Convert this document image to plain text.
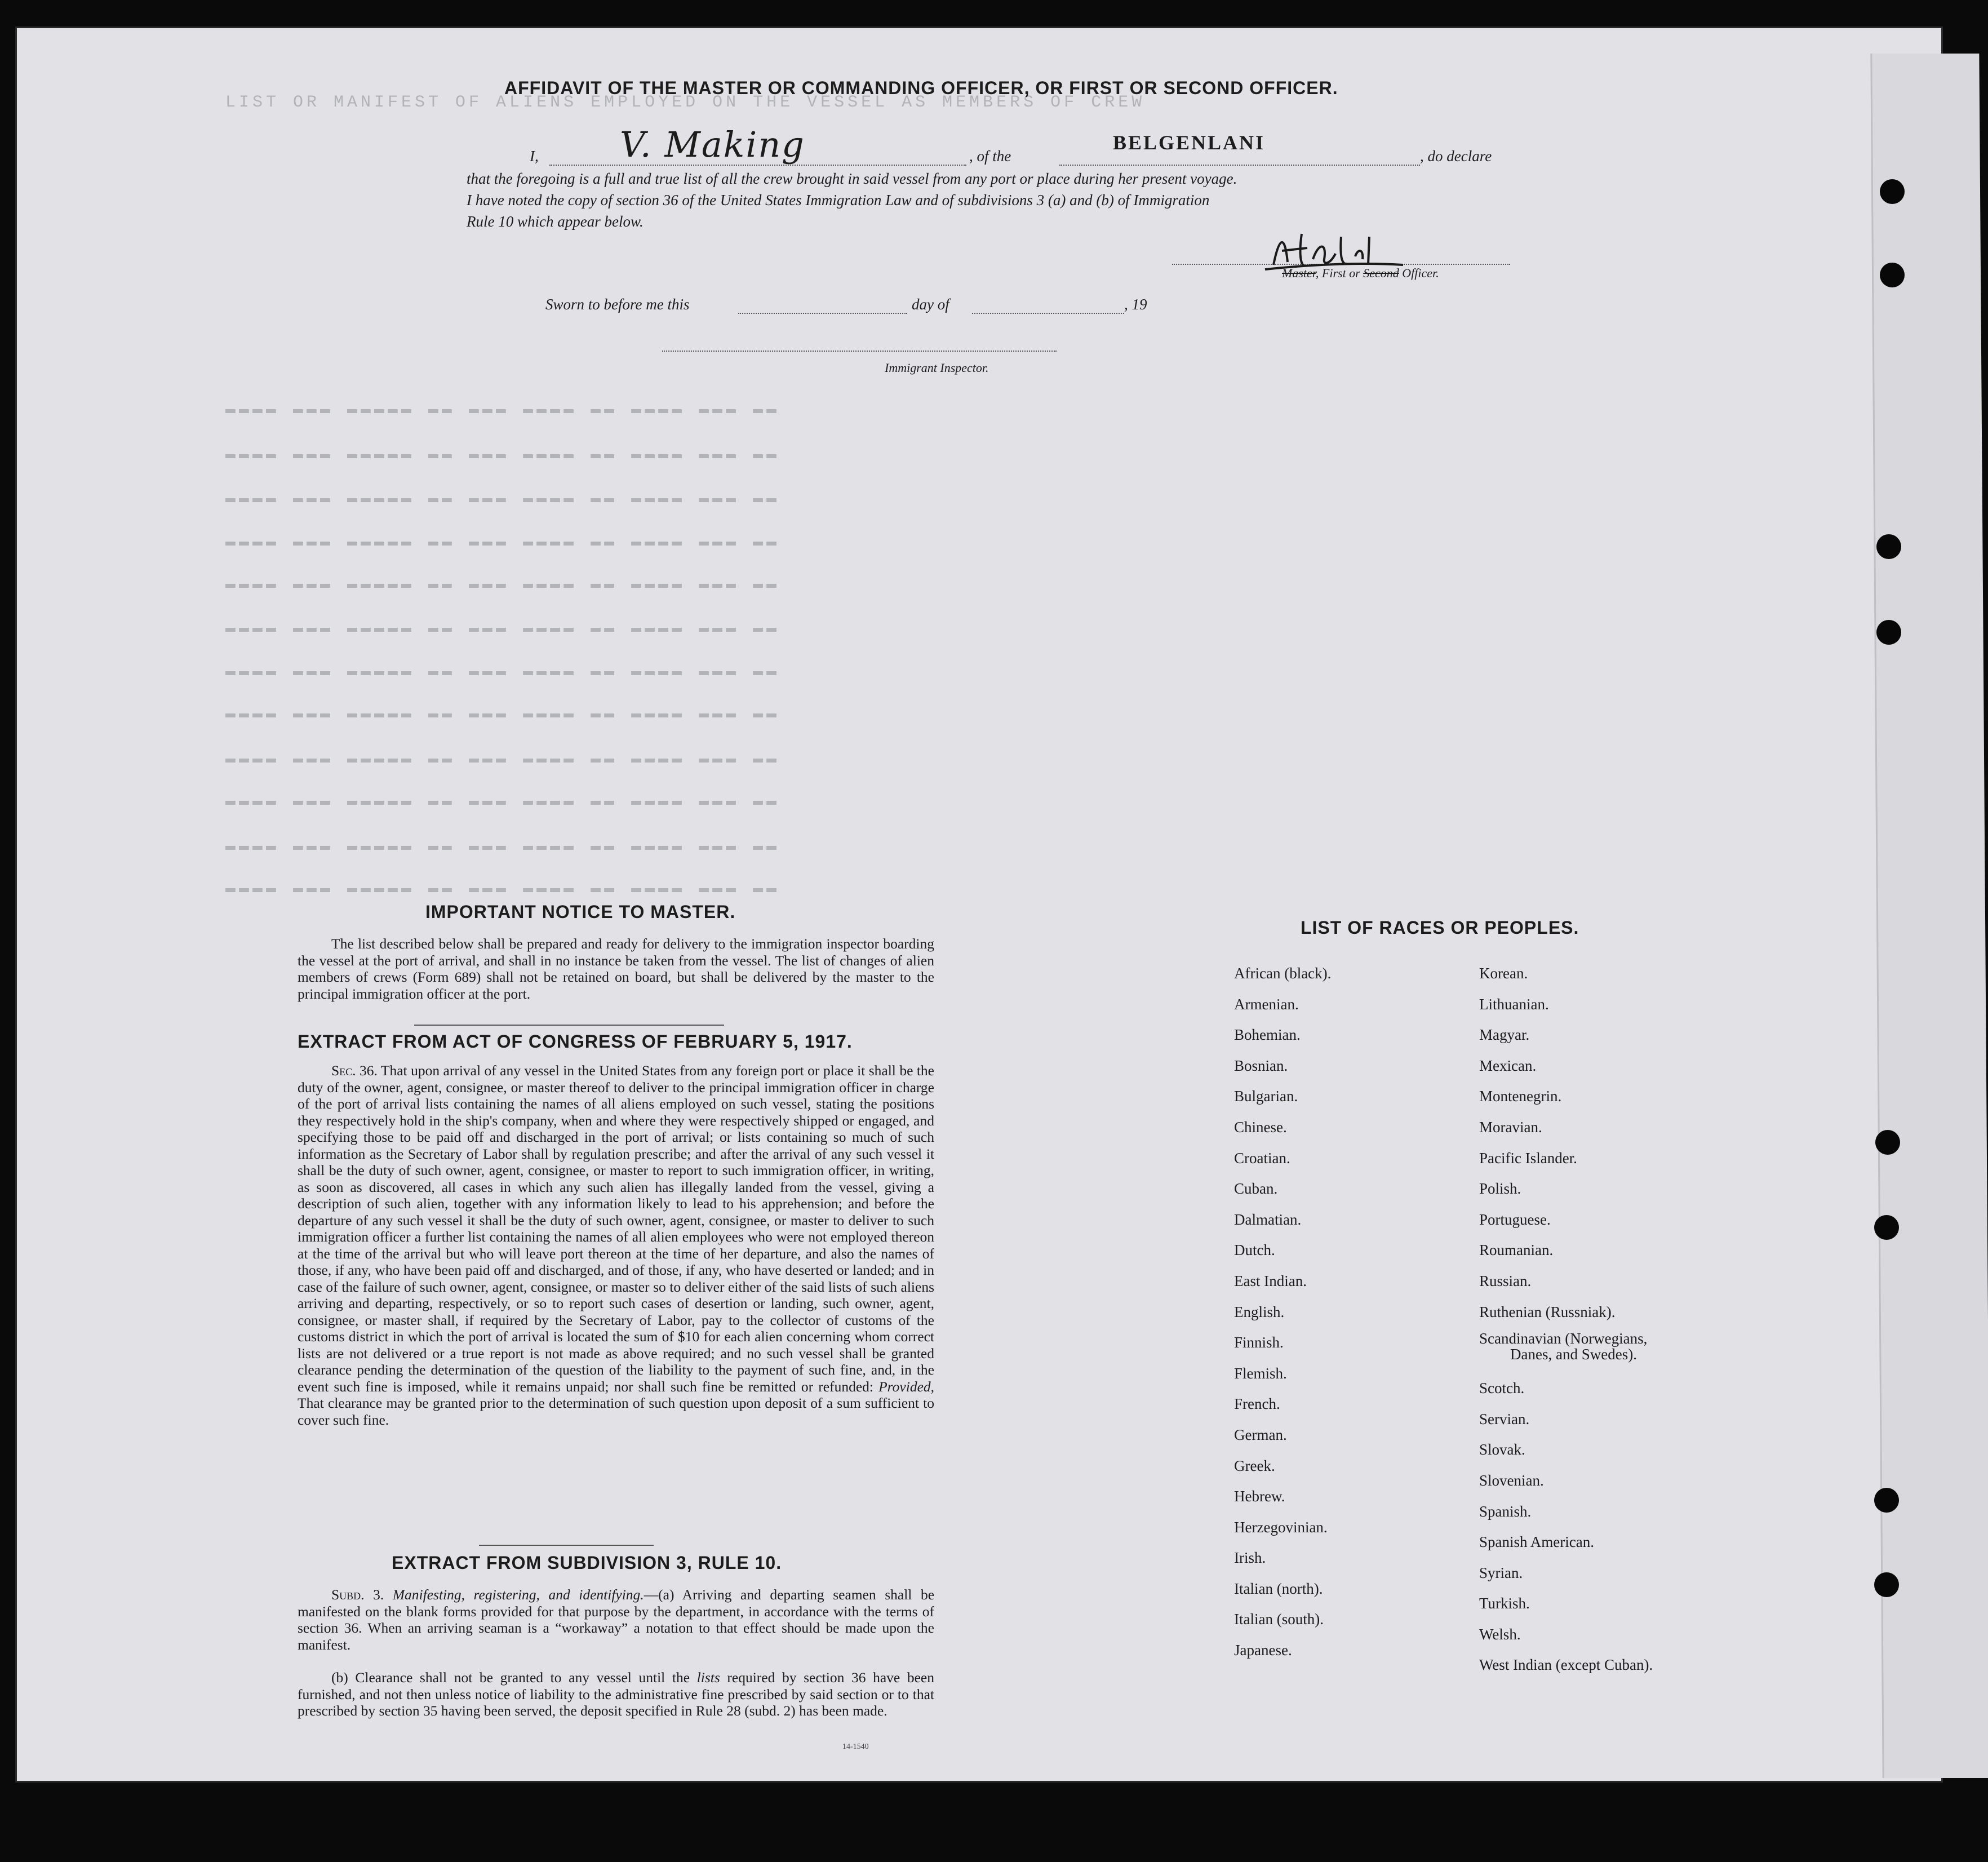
LIST OR MANIFEST OF ALIENS EMPLOYED ON THE VESSEL AS MEMBERS OF CREW
▬▬▬▬ ▬▬▬ ▬▬▬▬▬ ▬▬ ▬▬▬ ▬▬▬▬ ▬▬ ▬▬▬▬ ▬▬▬ ▬▬
▬▬▬▬ ▬▬▬ ▬▬▬▬▬ ▬▬ ▬▬▬ ▬▬▬▬ ▬▬ ▬▬▬▬ ▬▬▬ ▬▬
▬▬▬▬ ▬▬▬ ▬▬▬▬▬ ▬▬ ▬▬▬ ▬▬▬▬ ▬▬ ▬▬▬▬ ▬▬▬ ▬▬
▬▬▬▬ ▬▬▬ ▬▬▬▬▬ ▬▬ ▬▬▬ ▬▬▬▬ ▬▬ ▬▬▬▬ ▬▬▬ ▬▬
▬▬▬▬ ▬▬▬ ▬▬▬▬▬ ▬▬ ▬▬▬ ▬▬▬▬ ▬▬ ▬▬▬▬ ▬▬▬ ▬▬
▬▬▬▬ ▬▬▬ ▬▬▬▬▬ ▬▬ ▬▬▬ ▬▬▬▬ ▬▬ ▬▬▬▬ ▬▬▬ ▬▬
▬▬▬▬ ▬▬▬ ▬▬▬▬▬ ▬▬ ▬▬▬ ▬▬▬▬ ▬▬ ▬▬▬▬ ▬▬▬ ▬▬
▬▬▬▬ ▬▬▬ ▬▬▬▬▬ ▬▬ ▬▬▬ ▬▬▬▬ ▬▬ ▬▬▬▬ ▬▬▬ ▬▬
▬▬▬▬ ▬▬▬ ▬▬▬▬▬ ▬▬ ▬▬▬ ▬▬▬▬ ▬▬ ▬▬▬▬ ▬▬▬ ▬▬
▬▬▬▬ ▬▬▬ ▬▬▬▬▬ ▬▬ ▬▬▬ ▬▬▬▬ ▬▬ ▬▬▬▬ ▬▬▬ ▬▬
▬▬▬▬ ▬▬▬ ▬▬▬▬▬ ▬▬ ▬▬▬ ▬▬▬▬ ▬▬ ▬▬▬▬ ▬▬▬ ▬▬
▬▬▬▬ ▬▬▬ ▬▬▬▬▬ ▬▬ ▬▬▬ ▬▬▬▬ ▬▬ ▬▬▬▬ ▬▬▬ ▬▬
AFFIDAVIT OF THE MASTER OR COMMANDING OFFICER, OR FIRST OR SECOND OFFICER.
I, V. Making	, of the
BELGENLANI
, do declare
that the foregoing is a full and true list of all the crew brought in said vessel from any port or place during her present voyage.
I have noted the copy of section 36 of the United States Immigration Law and of subdivisions 3 (a) and (b) of Immigration
Rule 10 which appear below.
Master, First or Second Officer.
Sworn to before me this	day of	, 19
Immigrant Inspector.
IMPORTANT NOTICE TO MASTER.
The list described below shall be prepared and ready for delivery to the immigration inspector boarding the vessel at the port of arrival, and shall in no instance be taken from the vessel. The list of changes of alien members of crews (Form 689) shall not be retained on board, but shall be delivered by the master to the principal immigration officer at the port.
EXTRACT FROM ACT OF CONGRESS OF FEBRUARY 5, 1917.
Sec. 36. That upon arrival of any vessel in the United States from any foreign port or place it shall be the duty of the owner, agent, consignee, or master thereof to deliver to the principal immigration officer in charge of the port of arrival lists containing the names of all aliens employed on such vessel, stating the positions they respectively hold in the ship's company, when and where they were respectively shipped or engaged, and specifying those to be paid off and discharged in the port of arrival; or lists containing so much of such information as the Secretary of Labor shall by regulation prescribe; and after the arrival of any such vessel it shall be the duty of such owner, agent, consignee, or master to report to such immigration officer, in writing, as soon as discovered, all cases in which any such alien has illegally landed from the vessel, giving a description of such alien, together with any information likely to lead to his apprehension; and before the departure of any such vessel it shall be the duty of such owner, agent, consignee, or master to deliver to such immigration officer a further list containing the names of all alien employees who were not employed thereon at the time of the arrival but who will leave port thereon at the time of her departure, and also the names of those, if any, who have been paid off and discharged, and of those, if any, who have deserted or landed; and in case of the failure of such owner, agent, consignee, or master so to deliver either of the said lists of such aliens arriving and departing, respectively, or so to report such cases of desertion or landing, such owner, agent, consignee, or master shall, if required by the Secretary of Labor, pay to the collector of customs of the customs district in which the port of arrival is located the sum of $10 for each alien concerning whom correct lists are not delivered or a true report is not made as above required; and no such vessel shall be granted clearance pending the determination of the question of the liability to the payment of such fine, and, in the event such fine is imposed, while it remains unpaid; nor shall such fine be remitted or refunded: Provided, That clearance may be granted prior to the determination of such question upon deposit of a sum sufficient to cover such fine.
EXTRACT FROM SUBDIVISION 3, RULE 10.
Subd. 3. Manifesting, registering, and identifying.—(a) Arriving and departing seamen shall be manifested on the blank forms provided for that purpose by the department, in accordance with the terms of section 36. When an arriving seaman is a “workaway” a notation to that effect should be made upon the manifest.
(b) Clearance shall not be granted to any vessel until the lists required by section 36 have been furnished, and not then unless notice of liability to the administrative fine prescribed by said section or to that prescribed by section 35 having been served, the deposit specified in Rule 28 (subd. 2) has been made.
14-1540
LIST OF RACES OR PEOPLES.
African (black).
Armenian.
Bohemian.
Bosnian.
Bulgarian.
Chinese.
Croatian.
Cuban.
Dalmatian.
Dutch.
East Indian.
English.
Finnish.
Flemish.
French.
German.
Greek.
Hebrew.
Herzegovinian.
Irish.
Italian (north).
Italian (south).
Japanese.
Korean.
Lithuanian.
Magyar.
Mexican.
Montenegrin.
Moravian.
Pacific Islander.
Polish.
Portuguese.
Roumanian.
Russian.
Ruthenian (Russniak).
Scandinavian (Norwegians,
Danes, and Swedes).
Scotch.
Servian.
Slovak.
Slovenian.
Spanish.
Spanish American.
Syrian.
Turkish.
Welsh.
West Indian (except Cuban).
